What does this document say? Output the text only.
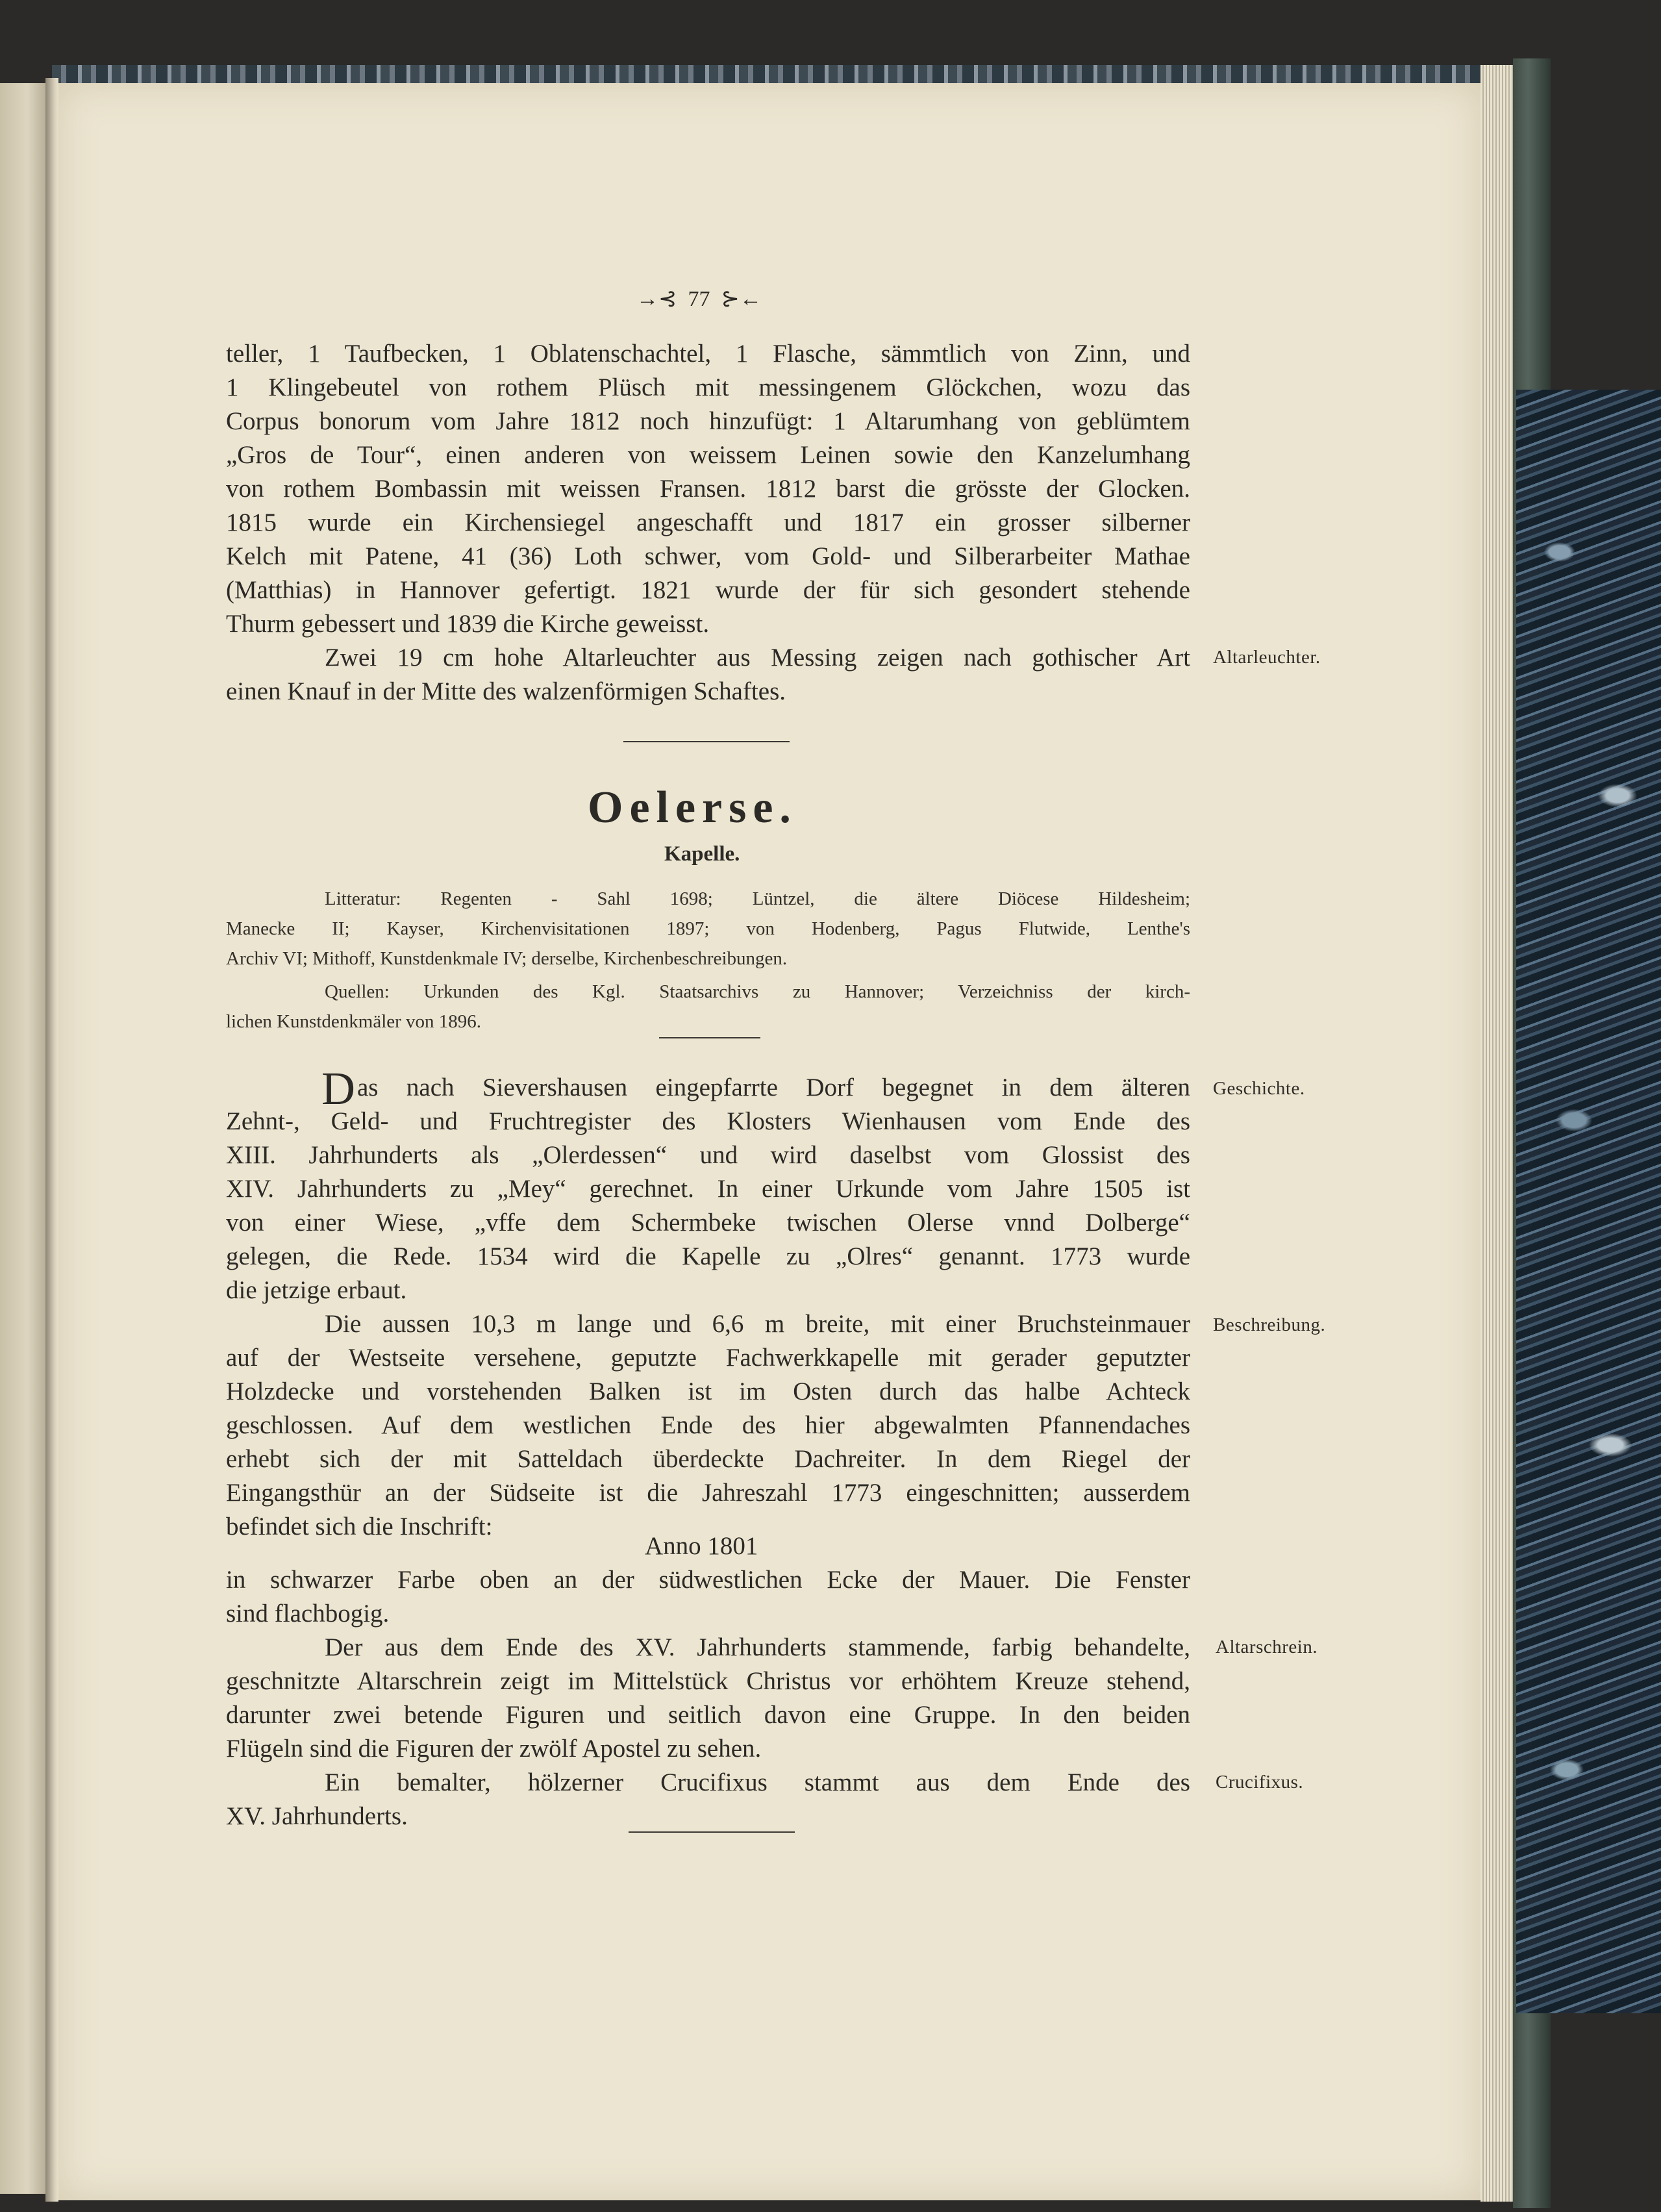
→⊰ 77 ⊱←
teller, 1 Taufbecken, 1 Oblatenschachtel, 1 Flasche, sämmtlich von Zinn, und
1 Klingebeutel von rothem Plüsch mit messingenem Glöckchen, wozu das
Corpus bonorum vom Jahre 1812 noch hinzufügt: 1 Altarumhang von geblümtem
„Gros de Tour“, einen anderen von weissem Leinen sowie den Kanzelumhang
von rothem Bombassin mit weissen Fransen. 1812 barst die grösste der Glocken.
1815 wurde ein Kirchensiegel angeschafft und 1817 ein grosser silberner
Kelch mit Patene, 41 (36) Loth schwer, vom Gold- und Silberarbeiter Mathae
(Matthias) in Hannover gefertigt. 1821 wurde der für sich gesondert stehende
Thurm gebessert und 1839 die Kirche geweisst.
Zwei 19 cm hohe Altarleuchter aus Messing zeigen nach gothischer Art
einen Knauf in der Mitte des walzenförmigen Schaftes.
Altarleuchter.
Oelerse.
Kapelle.
Litteratur: Regenten - Sahl 1698; Lüntzel, die ältere Diöcese Hildesheim;
Manecke II; Kayser, Kirchenvisitationen 1897; von Hodenberg, Pagus Flutwide, Lenthe's
Archiv VI; Mithoff, Kunstdenkmale IV; derselbe, Kirchenbeschreibungen.
Quellen: Urkunden des Kgl. Staatsarchivs zu Hannover; Verzeichniss der kirch-
lichen Kunstdenkmäler von 1896.
D as nach Sievershausen eingepfarrte Dorf begegnet in dem älteren
Zehnt-, Geld- und Fruchtregister des Klosters Wienhausen vom Ende des
XIII. Jahrhunderts als „Olerdessen“ und wird daselbst vom Glossist des
XIV. Jahrhunderts zu „Mey“ gerechnet. In einer Urkunde vom Jahre 1505 ist
von einer Wiese, „vffe dem Schermbeke twischen Olerse vnnd Dolberge“
gelegen, die Rede. 1534 wird die Kapelle zu „Olres“ genannt. 1773 wurde
die jetzige erbaut.
Geschichte.
Die aussen 10,3 m lange und 6,6 m breite, mit einer Bruchsteinmauer
auf der Westseite versehene, geputzte Fachwerkkapelle mit gerader geputzter
Holzdecke und vorstehenden Balken ist im Osten durch das halbe Achteck
geschlossen. Auf dem westlichen Ende des hier abgewalmten Pfannendaches
erhebt sich der mit Satteldach überdeckte Dachreiter. In dem Riegel der
Eingangsthür an der Südseite ist die Jahreszahl 1773 eingeschnitten; ausserdem
befindet sich die Inschrift:
Anno 1801
in schwarzer Farbe oben an der südwestlichen Ecke der Mauer. Die Fenster
sind flachbogig.
Beschreibung.
Der aus dem Ende des XV. Jahrhunderts stammende, farbig behandelte,
geschnitzte Altarschrein zeigt im Mittelstück Christus vor erhöhtem Kreuze stehend,
darunter zwei betende Figuren und seitlich davon eine Gruppe. In den beiden
Flügeln sind die Figuren der zwölf Apostel zu sehen.
Altarschrein.
Ein bemalter, hölzerner Crucifixus stammt aus dem Ende des
XV. Jahrhunderts.
Crucifixus.
